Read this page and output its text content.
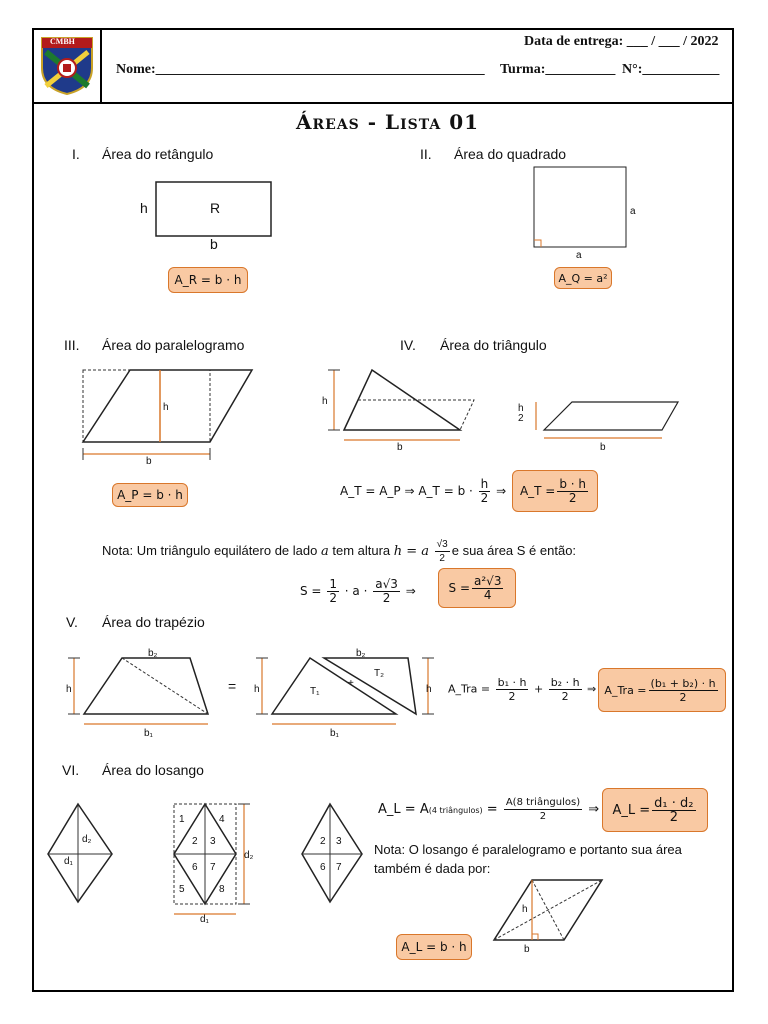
CMBH	Data de entrega: ___ / ___ / 2022
Nome:_______________________________________________ Turma:__________ N°:___________
Áreas - Lista 01
I. Área do retângulo
h	R
b
A_R = b · h
II. Área do quadrado
a
a
A_Q = a²
III. Área do paralelogramo
h
b
A_P = b · h
IV. Área do triângulo
h
b
h
2
b
A_T = A_P ⇒ A_T = $b \cdot \frac{h}{2}$ ⇒ A_T = $\frac{b \cdot h}{2}$
Nota: Um triângulo equilátero de lado a tem altura h = a $\frac{√3}{2}$ e sua área S é então:
$S = \frac{1}{2} \cdot a \cdot \frac{a√3}{2}$ ⇒	$S = \frac{\text{a²√3}}{4}$
V. Área do trapézio
b₂
h
b₁
= h	h
b₂
T₁
T₂
+
b₁
A_Tra = $\frac{\text{b₁ · h}}{2} + \frac{\text{b₂ · h}}{2}$ ⇒ A_Tra = $\frac{\text{(b₁ + b₂) · h}}{2}$
VI. Área do losango
d₂
d₁
1	4
2 3
6 7
5	8
d₂
d₁
2 3
6 7
A_L = A(4 triângulos) = $\frac{\text{A(8 triângulos)}}{2}$ ⇒ A_L = $\frac{\text{d₁ · d₂}}{2}$
Nota: O losango é paralelogramo e portanto sua área também é dada por:
h
b
A_L = b · h
